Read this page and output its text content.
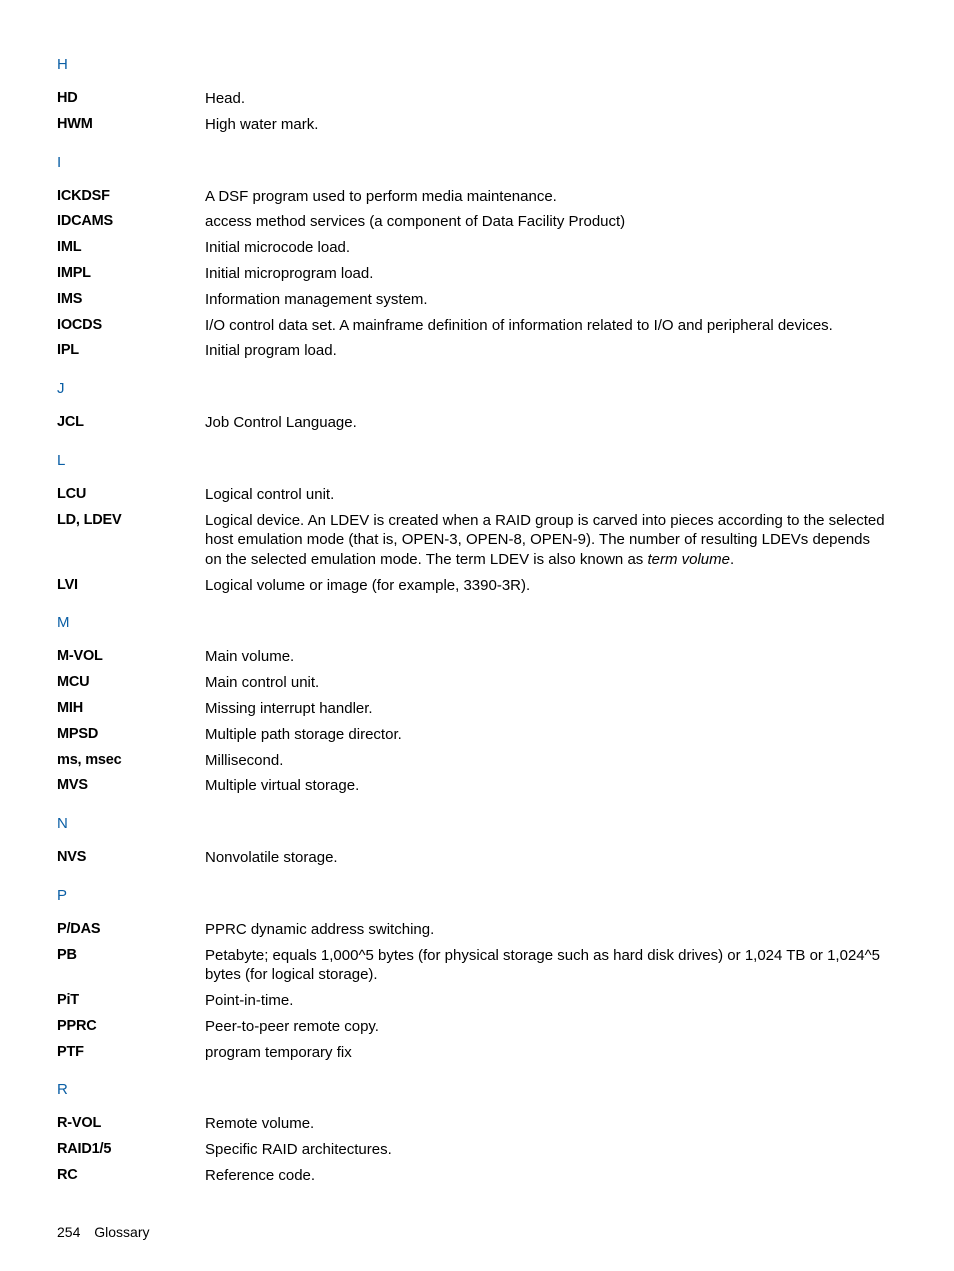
H
HD	Head.
HWM	High water mark.
I
ICKDSF	A DSF program used to perform media maintenance.
IDCAMS	access method services (a component of Data Facility Product)
IML	Initial microcode load.
IMPL	Initial microprogram load.
IMS	Information management system.
IOCDS	I/O control data set. A mainframe definition of information related to I/O and peripheral devices.
IPL	Initial program load.
J
JCL	Job Control Language.
L
LCU	Logical control unit.
LD, LDEV	Logical device. An LDEV is created when a RAID group is carved into pieces according to the selected host emulation mode (that is, OPEN-3, OPEN-8, OPEN-9). The number of resulting LDEVs depends on the selected emulation mode. The term LDEV is also known as term volume.
LVI	Logical volume or image (for example, 3390-3R).
M
M-VOL	Main volume.
MCU	Main control unit.
MIH	Missing interrupt handler.
MPSD	Multiple path storage director.
ms, msec	Millisecond.
MVS	Multiple virtual storage.
N
NVS	Nonvolatile storage.
P
P/DAS	PPRC dynamic address switching.
PB	Petabyte; equals 1,000^5 bytes (for physical storage such as hard disk drives) or 1,024 TB or 1,024^5 bytes (for logical storage).
PiT	Point-in-time.
PPRC	Peer-to-peer remote copy.
PTF	program temporary fix
R
R-VOL	Remote volume.
RAID1/5	Specific RAID architectures.
RC	Reference code.
254 Glossary
